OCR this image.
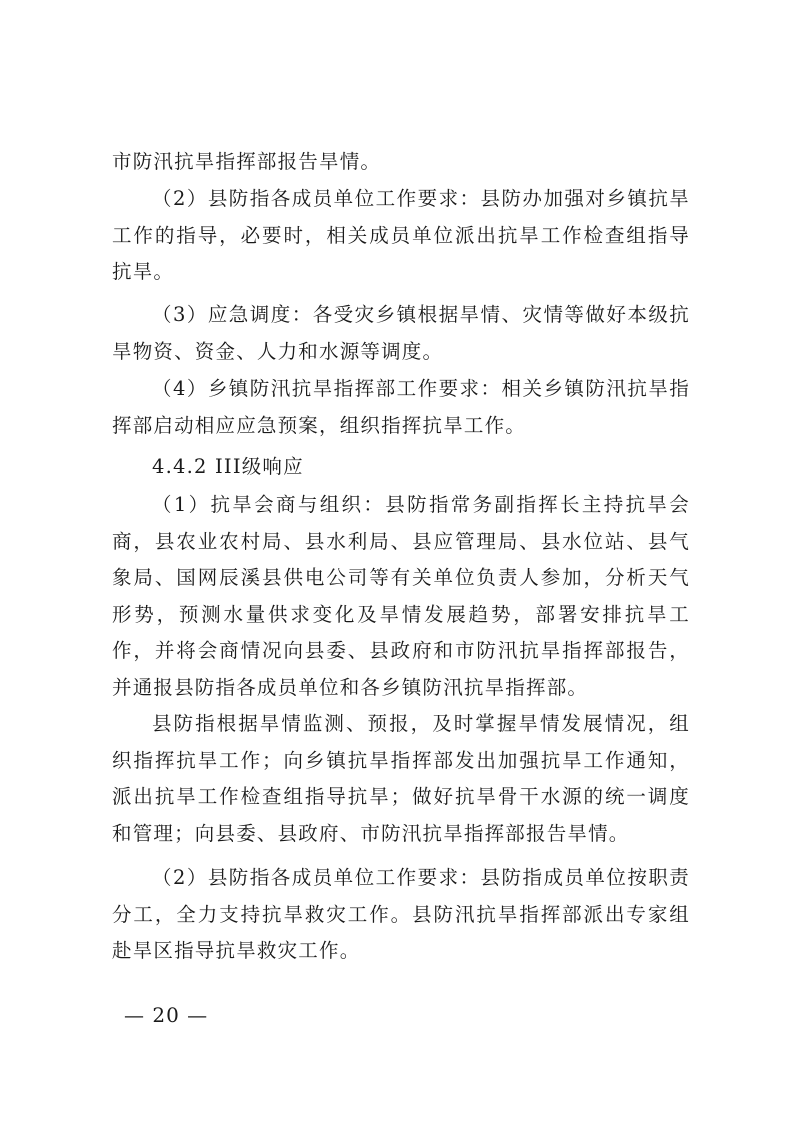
市防汛抗旱指挥部报告旱情。

（2）县防指各成员单位工作要求：县防办加强对乡镇抗旱工作的指导，必要时，相关成员单位派出抗旱工作检查组指导抗旱。

（3）应急调度：各受灾乡镇根据旱情、灾情等做好本级抗旱物资、资金、人力和水源等调度。

（4）乡镇防汛抗旱指挥部工作要求：相关乡镇防汛抗旱指挥部启动相应应急预案，组织指挥抗旱工作。

4.4.2 III级响应

（1）抗旱会商与组织：县防指常务副指挥长主持抗旱会商，县农业农村局、县水利局、县应管理局、县水位站、县气象局、国网辰溪县供电公司等有关单位负责人参加，分析天气形势，预测水量供求变化及旱情发展趋势，部署安排抗旱工作，并将会商情况向县委、县政府和市防汛抗旱指挥部报告，并通报县防指各成员单位和各乡镇防汛抗旱指挥部。

县防指根据旱情监测、预报，及时掌握旱情发展情况，组织指挥抗旱工作；向乡镇抗旱指挥部发出加强抗旱工作通知，派出抗旱工作检查组指导抗旱；做好抗旱骨干水源的统一调度和管理；向县委、县政府、市防汛抗旱指挥部报告旱情。

（2）县防指各成员单位工作要求：县防指成员单位按职责分工，全力支持抗旱救灾工作。县防汛抗旱指挥部派出专家组赴旱区指导抗旱救灾工作。

— 20 —
